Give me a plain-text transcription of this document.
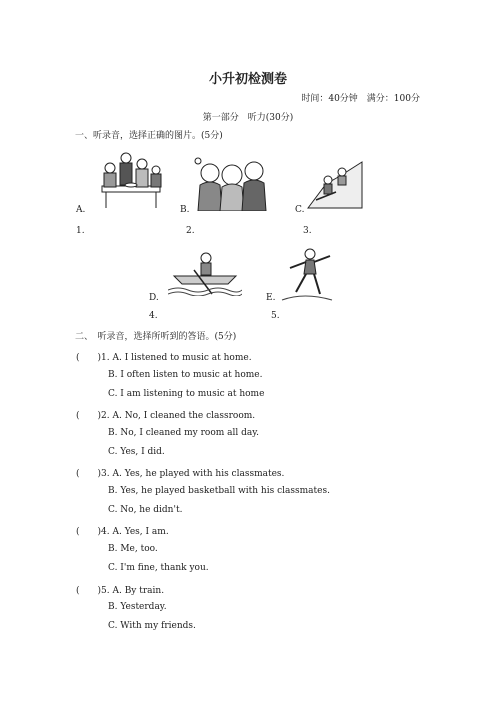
小升初检测卷
时间：40分钟　满分：100分
第一部分　听力(30分)
一、听录音，选择正确的图片。(5分)
A.	B.	C.
1.	2.	3.
D.	E.
4.	5.
二、　听录音，选择所听到的答语。(5分)
(　　)1. A. I listened to music at home.
B. I often listen to music at home.
C. I am listening to music at home
(　　)2. A. No, I cleaned the classroom.
B. No, I cleaned my room all day.
C. Yes, I did.
(　　)3. A. Yes, he played with his classmates.
B. Yes, he played basketball with his classmates.
C. No, he didn't.
(　　)4. A. Yes, I am.
B. Me, too.
C. I'm fine, thank you.
(　　)5. A. By train.
B. Yesterday.
C. With my friends.
